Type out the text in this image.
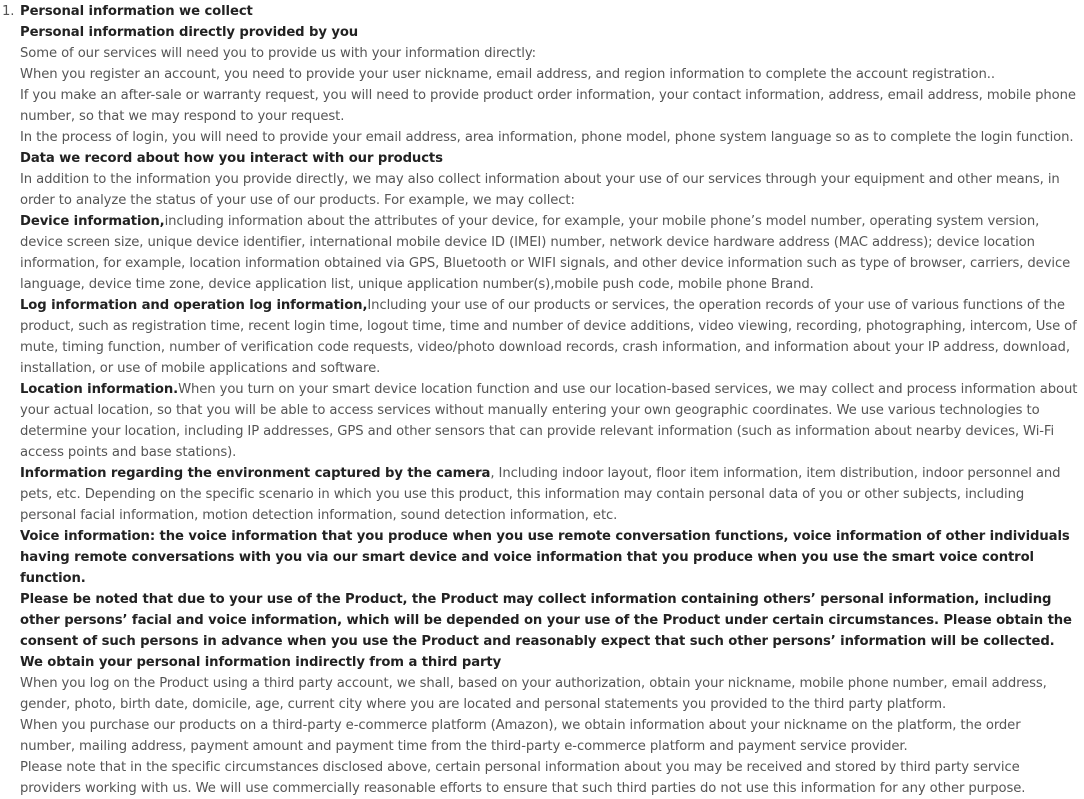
1. Personal information we collect

Personal information directly provided by you

Some of our services will need you to provide us with your information directly:

When you register an account, you need to provide your user nickname, email address, and region information to complete the account registration..

If you make an after-sale or warranty request, you will need to provide product order information, your contact information, address, email address, mobile phone number, so that we may respond to your request.

In the process of login, you will need to provide your email address, area information, phone model, phone system language so as to complete the login function.

Data we record about how you interact with our products

In addition to the information you provide directly, we may also collect information about your use of our services through your equipment and other means, in order to analyze the status of your use of our products. For example, we may collect:

Device information,including information about the attributes of your device, for example, your mobile phone’s model number, operating system version, device screen size, unique device identifier, international mobile device ID (IMEI) number, network device hardware address (MAC address); device location information, for example, location information obtained via GPS, Bluetooth or WIFI signals, and other device information such as type of browser, carriers, device language, device time zone, device application list, unique application number(s),mobile push code, mobile phone Brand.

Log information and operation log information,Including your use of our products or services, the operation records of your use of various functions of the product, such as registration time, recent login time, logout time, time and number of device additions, video viewing, recording, photographing, intercom, Use of mute, timing function, number of verification code requests, video/photo download records, crash information, and information about your IP address, download, installation, or use of mobile applications and software.

Location information.When you turn on your smart device location function and use our location-based services, we may collect and process information about your actual location, so that you will be able to access services without manually entering your own geographic coordinates. We use various technologies to determine your location, including IP addresses, GPS and other sensors that can provide relevant information (such as information about nearby devices, Wi-Fi access points and base stations).

Information regarding the environment captured by the camera, Including indoor layout, floor item information, item distribution, indoor personnel and pets, etc. Depending on the specific scenario in which you use this product, this information may contain personal data of you or other subjects, including personal facial information, motion detection information, sound detection information, etc.

Voice information: the voice information that you produce when you use remote conversation functions, voice information of other individuals having remote conversations with you via our smart device and voice information that you produce when you use the smart voice control function.

Please be noted that due to your use of the Product, the Product may collect information containing others’ personal information, including other persons’ facial and voice information, which will be depended on your use of the Product under certain circumstances. Please obtain the consent of such persons in advance when you use the Product and reasonably expect that such other persons’ information will be collected.

We obtain your personal information indirectly from a third party

When you log on the Product using a third party account, we shall, based on your authorization, obtain your nickname, mobile phone number, email address, gender, photo, birth date, domicile, age, current city where you are located and personal statements you provided to the third party platform.

When you purchase our products on a third-party e-commerce platform (Amazon), we obtain information about your nickname on the platform, the order number, mailing address, payment amount and payment time from the third-party e-commerce platform and payment service provider.

Please note that in the specific circumstances disclosed above, certain personal information about you may be received and stored by third party service providers working with us. We will use commercially reasonable efforts to ensure that such third parties do not use this information for any other purpose.
